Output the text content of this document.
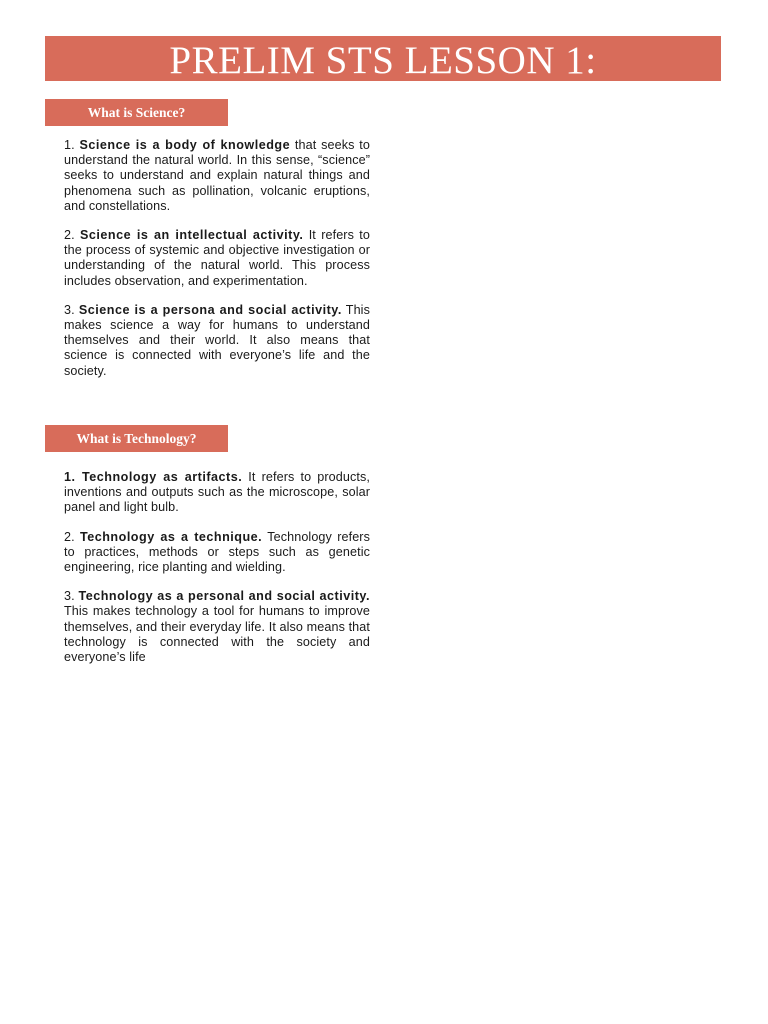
PRELIM STS LESSON 1:
What is Science?

1. Science is a body of knowledge that seeks to understand the natural world. In this sense, “science” seeks to understand and explain natural things and phenomena such as pollination, volcanic eruptions, and constellations.

2. Science is an intellectual activity. It refers to the process of systemic and objective investigation or understanding of the natural world. This process includes observation, and experimentation.

3. Science is a persona and social activity. This makes science a way for humans to understand themselves and their world. It also means that science is connected with everyone’s life and the society.

What is Technology?

1. Technology as artifacts. It refers to products, inventions and outputs such as the microscope, solar panel and light bulb.

2. Technology as a technique. Technology refers to practices, methods or steps such as genetic engineering, rice planting and wielding.

3. Technology as a personal and social activity. This makes technology a tool for humans to improve themselves, and their everyday life. It also means that technology is connected with the society and everyone’s life
